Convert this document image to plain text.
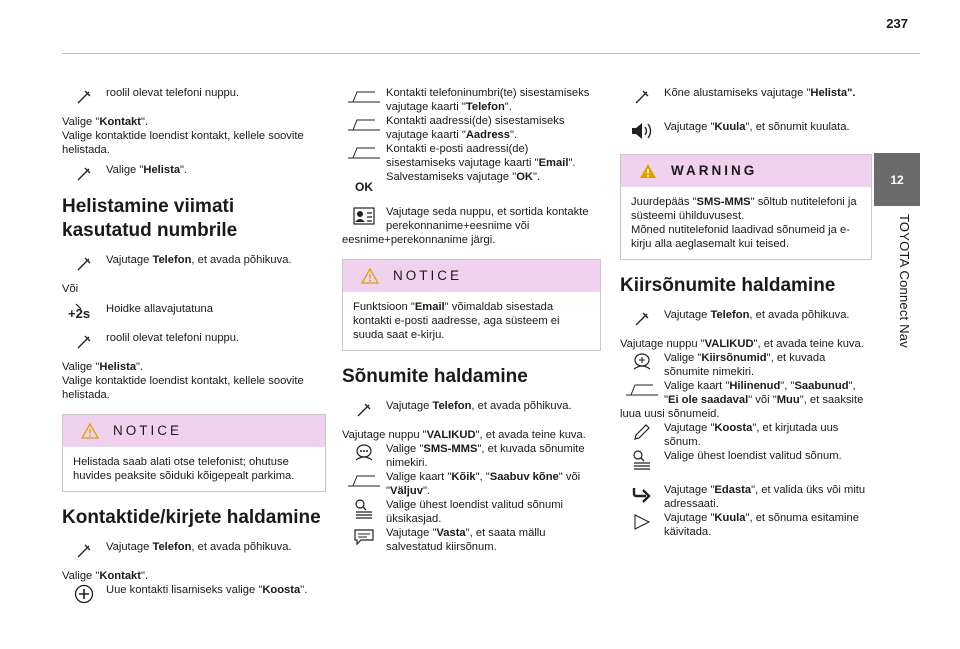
237
12
TOYOTA Connect Nav
roolil olevat telefoni nuppu.
Valige "Kontakt".
Valige kontaktide loendist kontakt, kellele soovite helistada.
Valige "Helista".
Helistamine viimati kasutatud numbrile
Vajutage Telefon, et avada põhikuva.
Või
+2s Hoidke allavajutatuna
roolil olevat telefoni nuppu.
Valige "Helista".
Valige kontaktide loendist kontakt, kellele soovite helistada.
NOTICE
Helistada saab alati otse telefonist; ohutuse huvides peaksite sõiduki kõigepealt parkima.
Kontaktide/kirjete haldamine
Vajutage Telefon, et avada põhikuva.
Valige "Kontakt".
Uue kontakti lisamiseks valige "Koosta".
Kontakti telefoninumbri(te) sisestamiseks vajutage kaarti "Telefon".
Kontakti aadressi(de) sisestamiseks vajutage kaarti "Aadress".
Kontakti e-posti aadressi(de) sisestamiseks vajutage kaarti "Email".
OK
Salvestamiseks vajutage "OK".
Vajutage seda nuppu, et sortida kontakte perekonnanime+eesnime või eesnime+perekonnanime järgi.
NOTICE
Funktsioon "Email" võimaldab sisestada kontakti e-posti aadresse, aga süsteem ei suuda saat e-kirju.
Sõnumite haldamine
Vajutage Telefon, et avada põhikuva.
Vajutage nuppu "VALIKUD", et avada teine kuva.
Valige "SMS-MMS", et kuvada sõnumite nimekiri.
Valige kaart "Kõik", "Saabuv kõne" või "Väljuv".
Valige ühest loendist valitud sõnumi üksikasjad.
Vajutage "Vasta", et saata mällu salvestatud kiirsõnum.
Kõne alustamiseks vajutage "Helista".
Vajutage "Kuula", et sõnumit kuulata.
WARNING
Juurdepääs "SMS-MMS" sõltub nutitelefoni ja süsteemi ühilduvusest.
Mõned nutitelefonid laadivad sõnumeid ja e-kirju alla aeglasemalt kui teised.
Kiirsõnumite haldamine
Vajutage Telefon, et avada põhikuva.
Vajutage nuppu "VALIKUD", et avada teine kuva.
Valige "Kiirsõnumid", et kuvada sõnumite nimekiri.
Valige kaart "Hilinenud", "Saabunud", "Ei ole saadaval" või "Muu", et saaksite luua uusi sõnumeid.
Vajutage "Koosta", et kirjutada uus sõnum.
Valige ühest loendist valitud sõnum.
Vajutage "Edasta", et valida üks või mitu adressaati.
Vajutage "Kuula", et sõnuma esitamine käivitada.
